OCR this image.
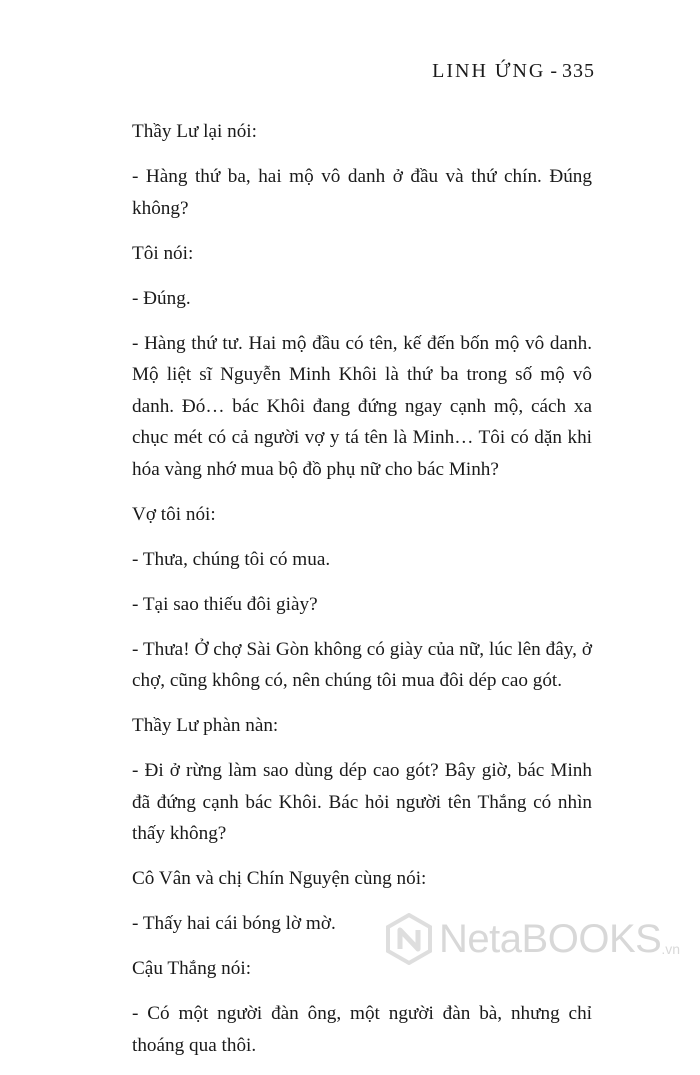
LINH ỨNG - 335

Thầy Lư lại nói:

- Hàng thứ ba, hai mộ vô danh ở đầu và thứ chín. Đúng không?

Tôi nói:

- Đúng.

- Hàng thứ tư. Hai mộ đầu có tên, kế đến bốn mộ vô danh. Mộ liệt sĩ Nguyễn Minh Khôi là thứ ba trong số mộ vô danh. Đó… bác Khôi đang đứng ngay cạnh mộ, cách xa chục mét có cả người vợ y tá tên là Minh… Tôi có dặn khi hóa vàng nhớ mua bộ đồ phụ nữ cho bác Minh?

Vợ tôi nói:

- Thưa, chúng tôi có mua.

- Tại sao thiếu đôi giày?

- Thưa! Ở chợ Sài Gòn không có giày của nữ, lúc lên đây, ở chợ, cũng không có, nên chúng tôi mua đôi dép cao gót.

Thầy Lư phàn nàn:

- Đi ở rừng làm sao dùng dép cao gót? Bây giờ, bác Minh đã đứng cạnh bác Khôi. Bác hỏi người tên Thắng có nhìn thấy không?

Cô Vân và chị Chín Nguyện cùng nói:

- Thấy hai cái bóng lờ mờ.

Cậu Thắng nói:

- Có một người đàn ông, một người đàn bà, nhưng chỉ thoáng qua thôi.

NetaBOOKS .vn
